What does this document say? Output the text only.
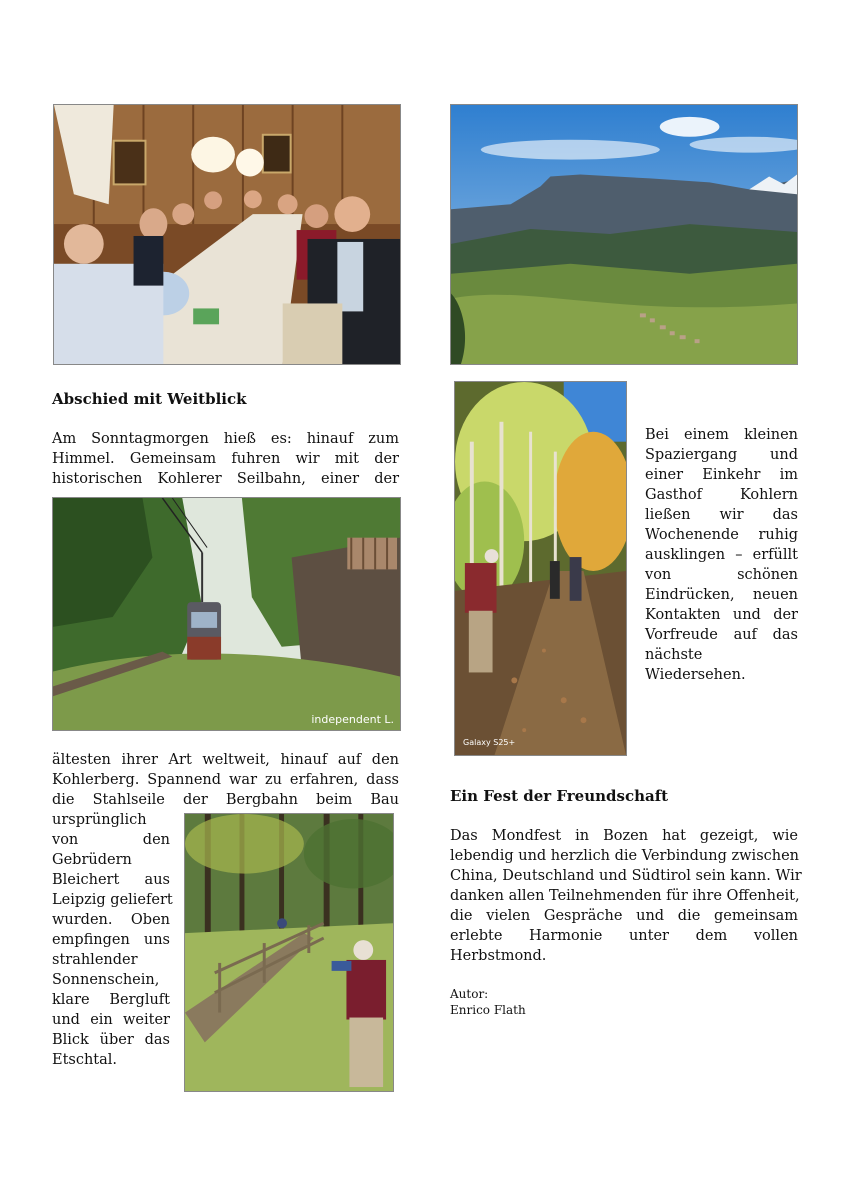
Abschied mit Weitblick
Am Sonntagmorgen hieß es: hinauf zum
Himmel. Gemeinsam fuhren wir mit der
historischen Kohlerer Seilbahn, einer der
independent L.
ältesten ihrer Art weltweit, hinauf auf den
Kohlerberg. Spannend war zu erfahren, dass
die Stahlseile der Bergbahn beim Bau
ursprünglich
von den
Gebrüdern
Bleichert aus
Leipzig geliefert
wurden. Oben
empfingen uns
strahlender
Sonnenschein,
klare Bergluft
und ein weiter
Blick über das
Etschtal.
Galaxy S25+
Bei einem kleinen
Spaziergang und
einer Einkehr im
Gasthof Kohlern
ließen wir das
Wochenende ruhig
ausklingen – erfüllt
von schönen
Eindrücken, neuen
Kontakten und der
Vorfreude auf das
nächste
Wiedersehen.
Ein Fest der Freundschaft
Das Mondfest in Bozen hat gezeigt, wie
lebendig und herzlich die Verbindung zwischen
China, Deutschland und Südtirol sein kann. Wir
danken allen Teilnehmenden für ihre Offenheit,
die vielen Gespräche und die gemeinsam
erlebte Harmonie unter dem vollen
Herbstmond.
Autor:
Enrico Flath
